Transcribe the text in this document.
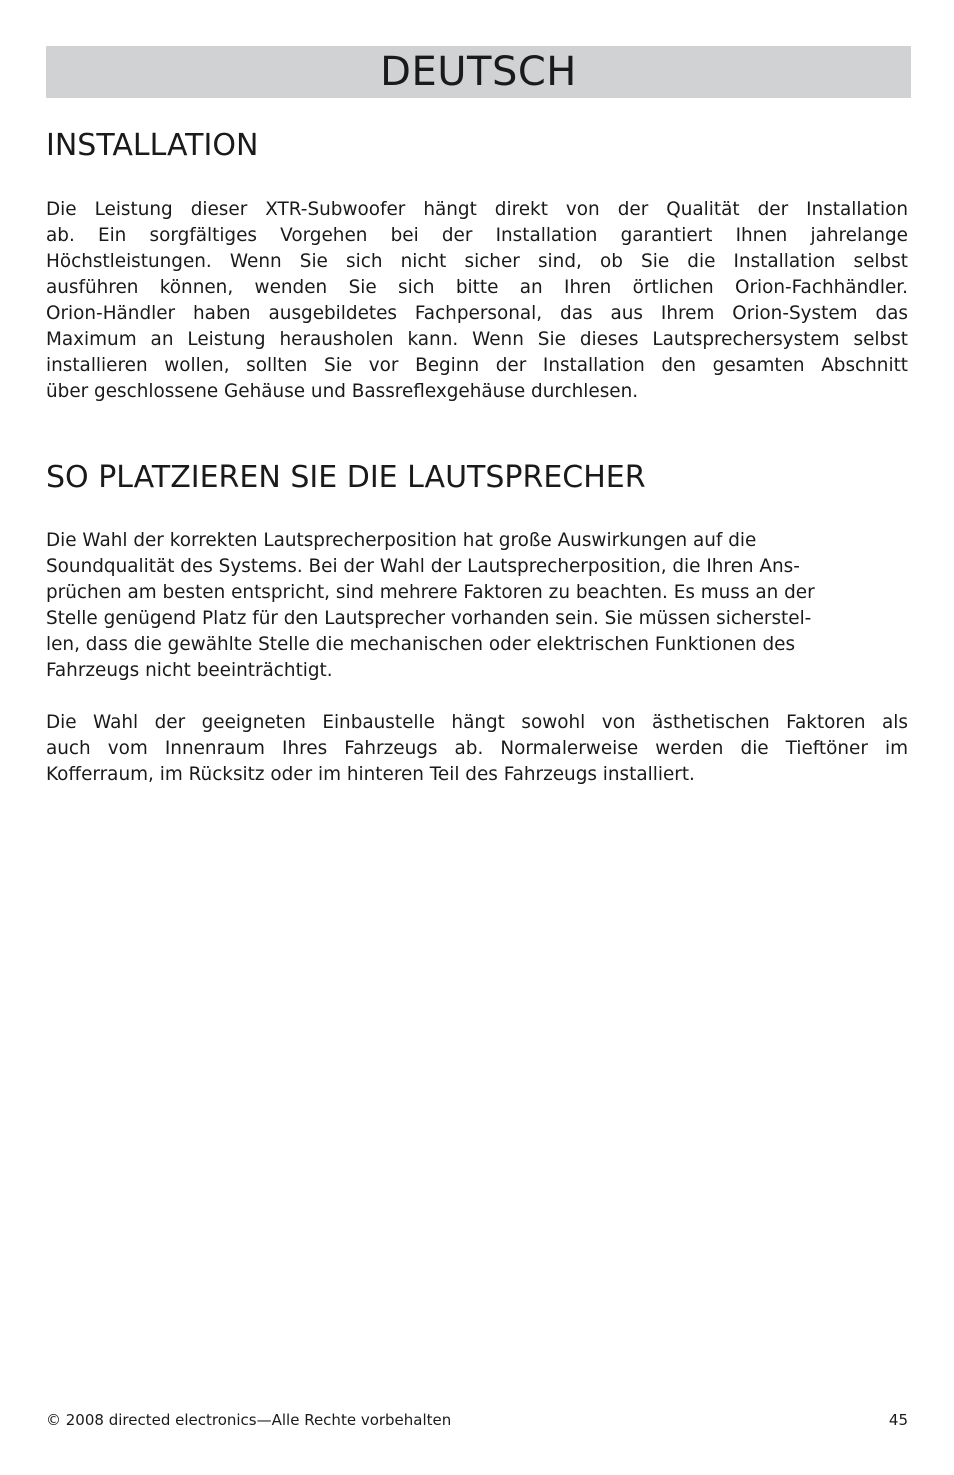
DEUTSCH
INSTALLATION
Die Leistung dieser XTR-Subwoofer hängt direkt von der Qualität der Installation
ab. Ein sorgfältiges Vorgehen bei der Installation garantiert Ihnen jahrelange
Höchstleistungen. Wenn Sie sich nicht sicher sind, ob Sie die Installation selbst
ausführen können, wenden Sie sich bitte an Ihren örtlichen Orion-Fachhändler.
Orion-Händler haben ausgebildetes Fachpersonal, das aus Ihrem Orion-System das
Maximum an Leistung herausholen kann. Wenn Sie dieses Lautsprechersystem selbst
installieren wollen, sollten Sie vor Beginn der Installation den gesamten Abschnitt
über geschlossene Gehäuse und Bassreflexgehäuse durchlesen.
SO PLATZIEREN SIE DIE LAUTSPRECHER
Die Wahl der korrekten Lautsprecherposition hat große Auswirkungen auf die
Soundqualität des Systems. Bei der Wahl der Lautsprecherposition, die Ihren Ans-
prüchen am besten entspricht, sind mehrere Faktoren zu beachten. Es muss an der
Stelle genügend Platz für den Lautsprecher vorhanden sein. Sie müssen sicherstel-
len, dass die gewählte Stelle die mechanischen oder elektrischen Funktionen des
Fahrzeugs nicht beeinträchtigt.
Die Wahl der geeigneten Einbaustelle hängt sowohl von ästhetischen Faktoren als
auch vom Innenraum Ihres Fahrzeugs ab. Normalerweise werden die Tieftöner im
Kofferraum, im Rücksitz oder im hinteren Teil des Fahrzeugs installiert.
© 2008 directed electronics—Alle Rechte vorbehalten	45
